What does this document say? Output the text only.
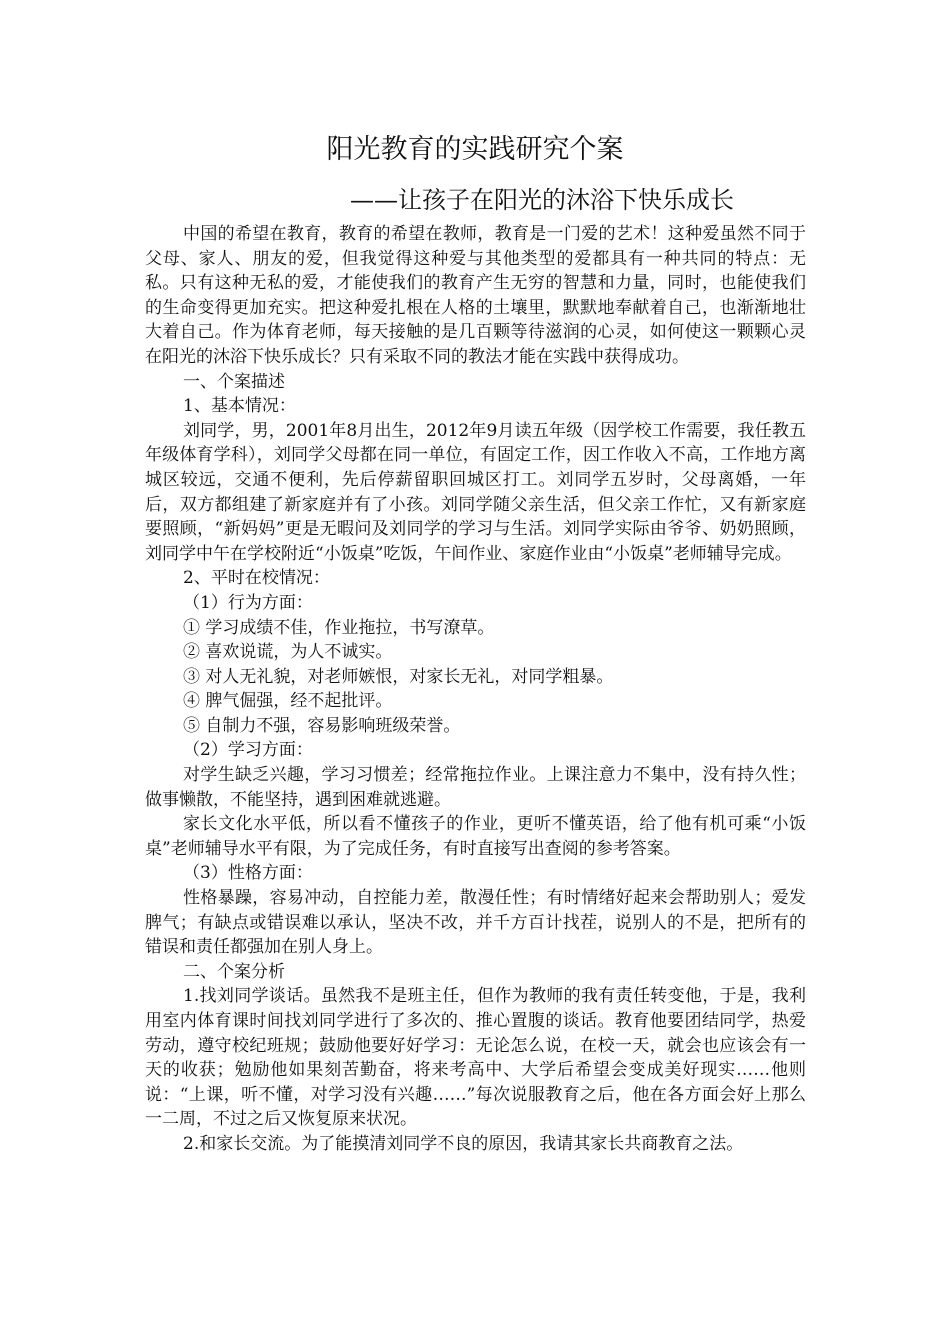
阳光教育的实践研究个案
——让孩子在阳光的沐浴下快乐成长

中国的希望在教育，教育的希望在教师，教育是一门爱的艺术！这种爱虽然不同于父母、家人、朋友的爱，但我觉得这种爱与其他类型的爱都具有一种共同的特点：无私。只有这种无私的爱，才能使我们的教育产生无穷的智慧和力量，同时，也能使我们的生命变得更加充实。把这种爱扎根在人格的土壤里，默默地奉献着自己，也渐渐地壮大着自己。作为体育老师，每天接触的是几百颗等待滋润的心灵，如何使这一颗颗心灵在阳光的沐浴下快乐成长？只有采取不同的教法才能在实践中获得成功。

一、个案描述

1、基本情况：

刘同学，男，2001年8月出生，2012年9月读五年级（因学校工作需要，我任教五年级体育学科），刘同学父母都在同一单位，有固定工作，因工作收入不高，工作地方离城区较远，交通不便利，先后停薪留职回城区打工。刘同学五岁时，父母离婚，一年后，双方都组建了新家庭并有了小孩。刘同学随父亲生活，但父亲工作忙，又有新家庭要照顾，“新妈妈”更是无暇问及刘同学的学习与生活。刘同学实际由爷爷、奶奶照顾，刘同学中午在学校附近“小饭桌”吃饭，午间作业、家庭作业由“小饭桌”老师辅导完成。

2、平时在校情况：

（1）行为方面：

① 学习成绩不佳，作业拖拉，书写潦草。

② 喜欢说谎，为人不诚实。

③ 对人无礼貌，对老师嫉恨，对家长无礼，对同学粗暴。

④ 脾气倔强，经不起批评。

⑤ 自制力不强，容易影响班级荣誉。

（2）学习方面：

对学生缺乏兴趣，学习习惯差；经常拖拉作业。上课注意力不集中，没有持久性；做事懒散，不能坚持，遇到困难就逃避。

家长文化水平低，所以看不懂孩子的作业，更听不懂英语，给了他有机可乘“小饭桌”老师辅导水平有限，为了完成任务，有时直接写出查阅的参考答案。

（3）性格方面：

性格暴躁，容易冲动，自控能力差，散漫任性；有时情绪好起来会帮助别人；爱发脾气；有缺点或错误难以承认，坚决不改，并千方百计找茬，说别人的不是，把所有的错误和责任都强加在别人身上。

二、个案分析

1.找刘同学谈话。虽然我不是班主任，但作为教师的我有责任转变他，于是，我利用室内体育课时间找刘同学进行了多次的、推心置腹的谈话。教育他要团结同学，热爱劳动，遵守校纪班规；鼓励他要好好学习：无论怎么说，在校一天，就会也应该会有一天的收获；勉励他如果刻苦勤奋，将来考高中、大学后希望会变成美好现实……他则说：“上课，听不懂，对学习没有兴趣……”每次说服教育之后，他在各方面会好上那么一二周，不过之后又恢复原来状况。

2.和家长交流。为了能摸清刘同学不良的原因，我请其家长共商教育之法。
